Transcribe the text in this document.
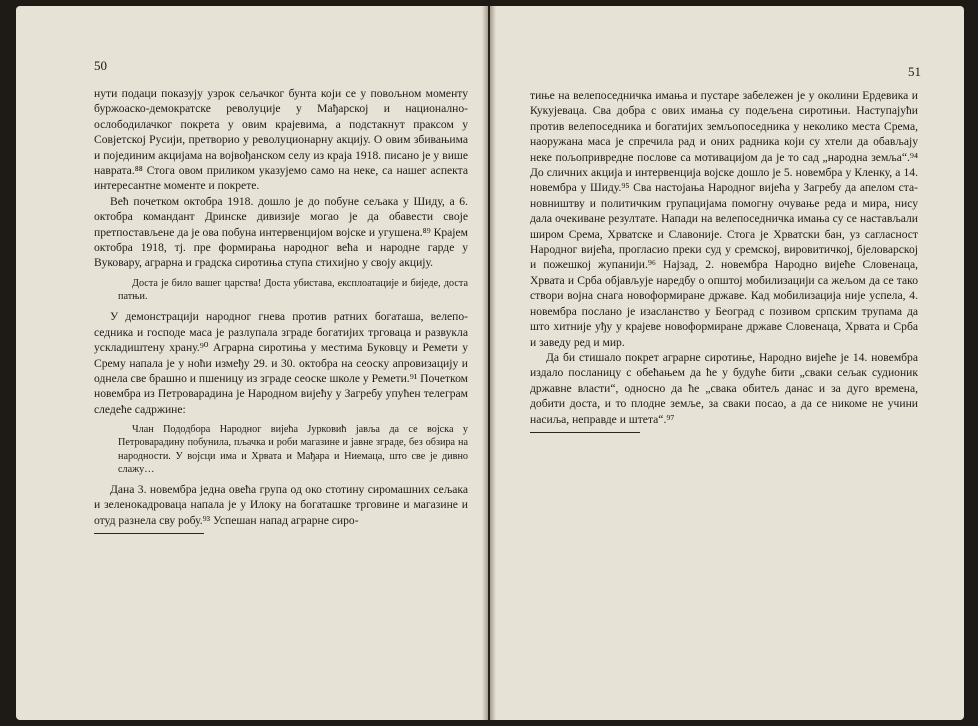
50

нути подаци показују узрок сељачког бунта који се у повољном моменту буржоаско-демократске револуције у Мађарској и националноослободилачког покрета у овим крајевима, а подстакнут праксом у Совјетској Русији, претворио у револуционарну акцију. О овим збивањима и појединим акцијама на војвођанском селу из краја 1918. писано је у више наврата.⁸⁸ Стога овом приликом указујемо само на неке, са нашег аспекта интересантне моменте и покрете.

Већ почетком октобра 1918. дошло је до побуне сељака у Шиду, а 6. октобра командант Дринске дивизије могао је да обавести своје претпостављене да је ова побуна интервенцијом војске и угушена.⁸⁹ Крајем октобра 1918, тј. пре формирања народног већа и народне гарде у Вуковару, аграрна и градска сиротиња ступа стихијно у своју акцију.

Доста је било вашег царства! Доста убистава, експлоатације и биједе, доста патњи.

У демонстрацији народног гнева против ратних богаташа, велепоседника и господе маса је разлупала зграде богатијих трговаца и развукла ускладиштену храну.⁹⁰ Аграрна сиротиња у местима Буковцу и Ремети у Срему напала је у ноћи између 29. и 30. октобра на сеоску апровизацију и однела све брашно и пшеницу из зграде сеоске школе у Ремети.⁹¹ Почетком новембра из Петроварадина је Народном вијећу у Загребу упућен телеграм следеће садржине:

Члан Пододбора Народног вијећа Јурковић јавља да се војска у Петроварадину побунила, пљачка и роби магазине и јавне зграде, без обзира на народности. У војсци има и Хрвата и Мађара и Ниемаца, што све је дивно слажу…

Дана 3. новембра једна овећа група од око стотину сиромашних сељака и зеленокадроваца напала је у Илоку на богаташке трговине и магазине и отуд разнела сву робу.⁹³ Успешан напад аграрне сиро-

51

тиње на велепоседничка имања и пустаре забележен је у околини Ердевика и Кукујеваца. Сва добра с ових имања су подељена сиротињи. Наступајући против велепоседника и богатијих земљопоседника у неколико места Срема, наоружана маса је спречила рад и оних радника који су хтели да обављају неке пољопривредне послове са мотивацијом да је то сад „народна земља“.⁹⁴ До сличних акција и интервенција војске дошло је 5. новембра у Кленку, а 14. новембра у Шиду.⁹⁵ Сва настојања Народног вијећа у Загребу да апелом становништву и политичким групацијама помогну очување реда и мира, нису дала очекиване резултате. Напади на велепоседничка имања су се настављали широм Срема, Хрватске и Славоније. Стога је Хрватски бан, уз сагласност Народног вијећа, прогласио преки суд у сремској, вировитичкој, бјеловарској и пожешкој жупанији.⁹⁶ Најзад, 2. новембра Народно вијеће Словенаца, Хрвата и Срба објављује наредбу о општој мобилизацији са жељом да се тако створи војна снага новоформиране државе. Кад мобилизација није успела, 4. новембра послано је изасланство у Београд с позивом српским трупама да што хитније уђу у крајеве новоформиране државе Словенаца, Хрвата и Срба и заведу ред и мир.

Да би стишало покрет аграрне сиротиње, Народно вијеће је 14. новембра издало посланицу с обећањем да ће у будуће бити „сваки сељак судионик државне власти“, односно да ће „свака обитељ данас и за дуго времена, добити доста, и то плодне земље, за сваки посао, а да се никоме не учини насиља, неправде и штета“.⁹⁷
